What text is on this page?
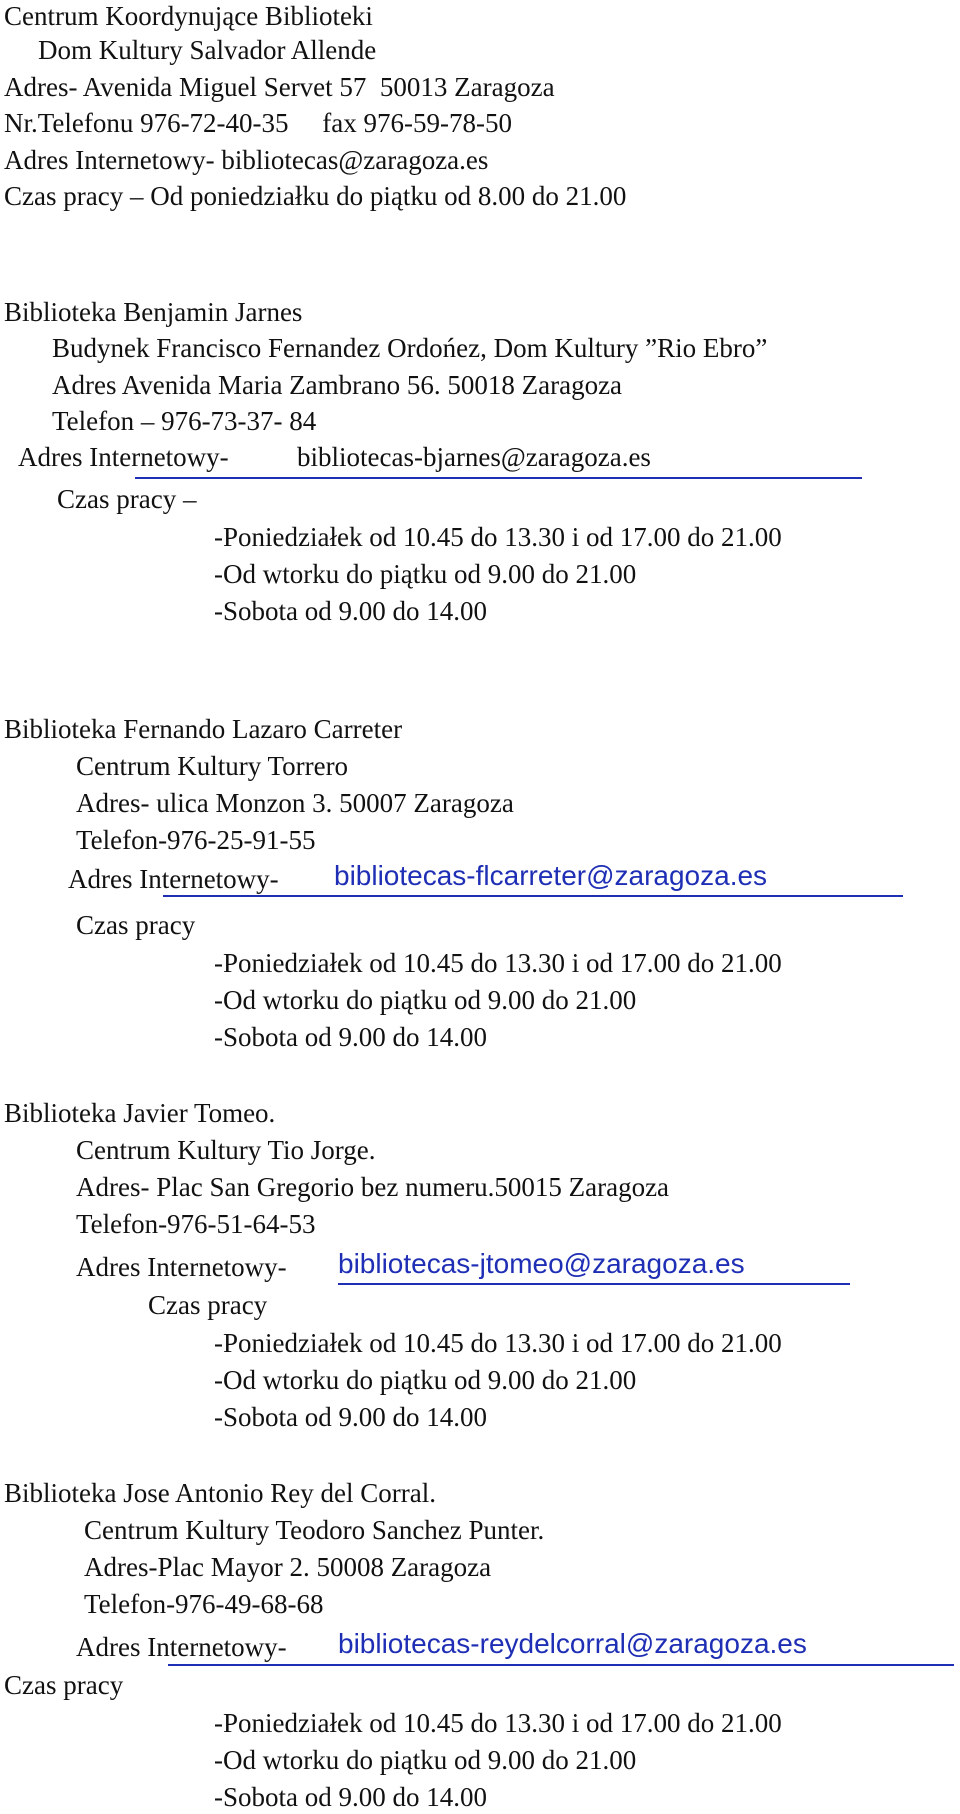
Centrum Koordynujące Biblioteki
Dom Kultury Salvador Allende
Adres- Avenida Miguel Servet 57  50013 Zaragoza
Nr.Telefonu 976-72-40-35     fax 976-59-78-50
Adres Internetowy- bibliotecas@zaragoza.es
Czas pracy – Od poniedziałku do piątku od 8.00 do 21.00
Biblioteka Benjamin Jarnes
Budynek Francisco Fernandez Ordońez, Dom Kultury ”Rio Ebro”
Adres Avenida Maria Zambrano 56. 50018 Zaragoza
Telefon – 976-73-37- 84
Adres Internetowy-	bibliotecas-bjarnes@zaragoza.es
Czas pracy –
-Poniedziałek od 10.45 do 13.30 i od 17.00 do 21.00
-Od wtorku do piątku od 9.00 do 21.00
-Sobota od 9.00 do 14.00
Biblioteka Fernando Lazaro Carreter
Centrum Kultury Torrero
Adres- ulica Monzon 3. 50007 Zaragoza
Telefon-976-25-91-55
Adres Internetowy- bibliotecas-flcarreter@zaragoza.es
Czas pracy
-Poniedziałek od 10.45 do 13.30 i od 17.00 do 21.00
-Od wtorku do piątku od 9.00 do 21.00
-Sobota od 9.00 do 14.00
Biblioteka Javier Tomeo.
Centrum Kultury Tio Jorge.
Adres- Plac San Gregorio bez numeru.50015 Zaragoza
Telefon-976-51-64-53
Adres Internetowy- bibliotecas-jtomeo@zaragoza.es
Czas pracy
-Poniedziałek od 10.45 do 13.30 i od 17.00 do 21.00
-Od wtorku do piątku od 9.00 do 21.00
-Sobota od 9.00 do 14.00
Biblioteka Jose Antonio Rey del Corral.
Centrum Kultury Teodoro Sanchez Punter.
Adres-Plac Mayor 2. 50008 Zaragoza
Telefon-976-49-68-68
Adres Internetowy- bibliotecas-reydelcorral@zaragoza.es
Czas pracy
-Poniedziałek od 10.45 do 13.30 i od 17.00 do 21.00
-Od wtorku do piątku od 9.00 do 21.00
-Sobota od 9.00 do 14.00
